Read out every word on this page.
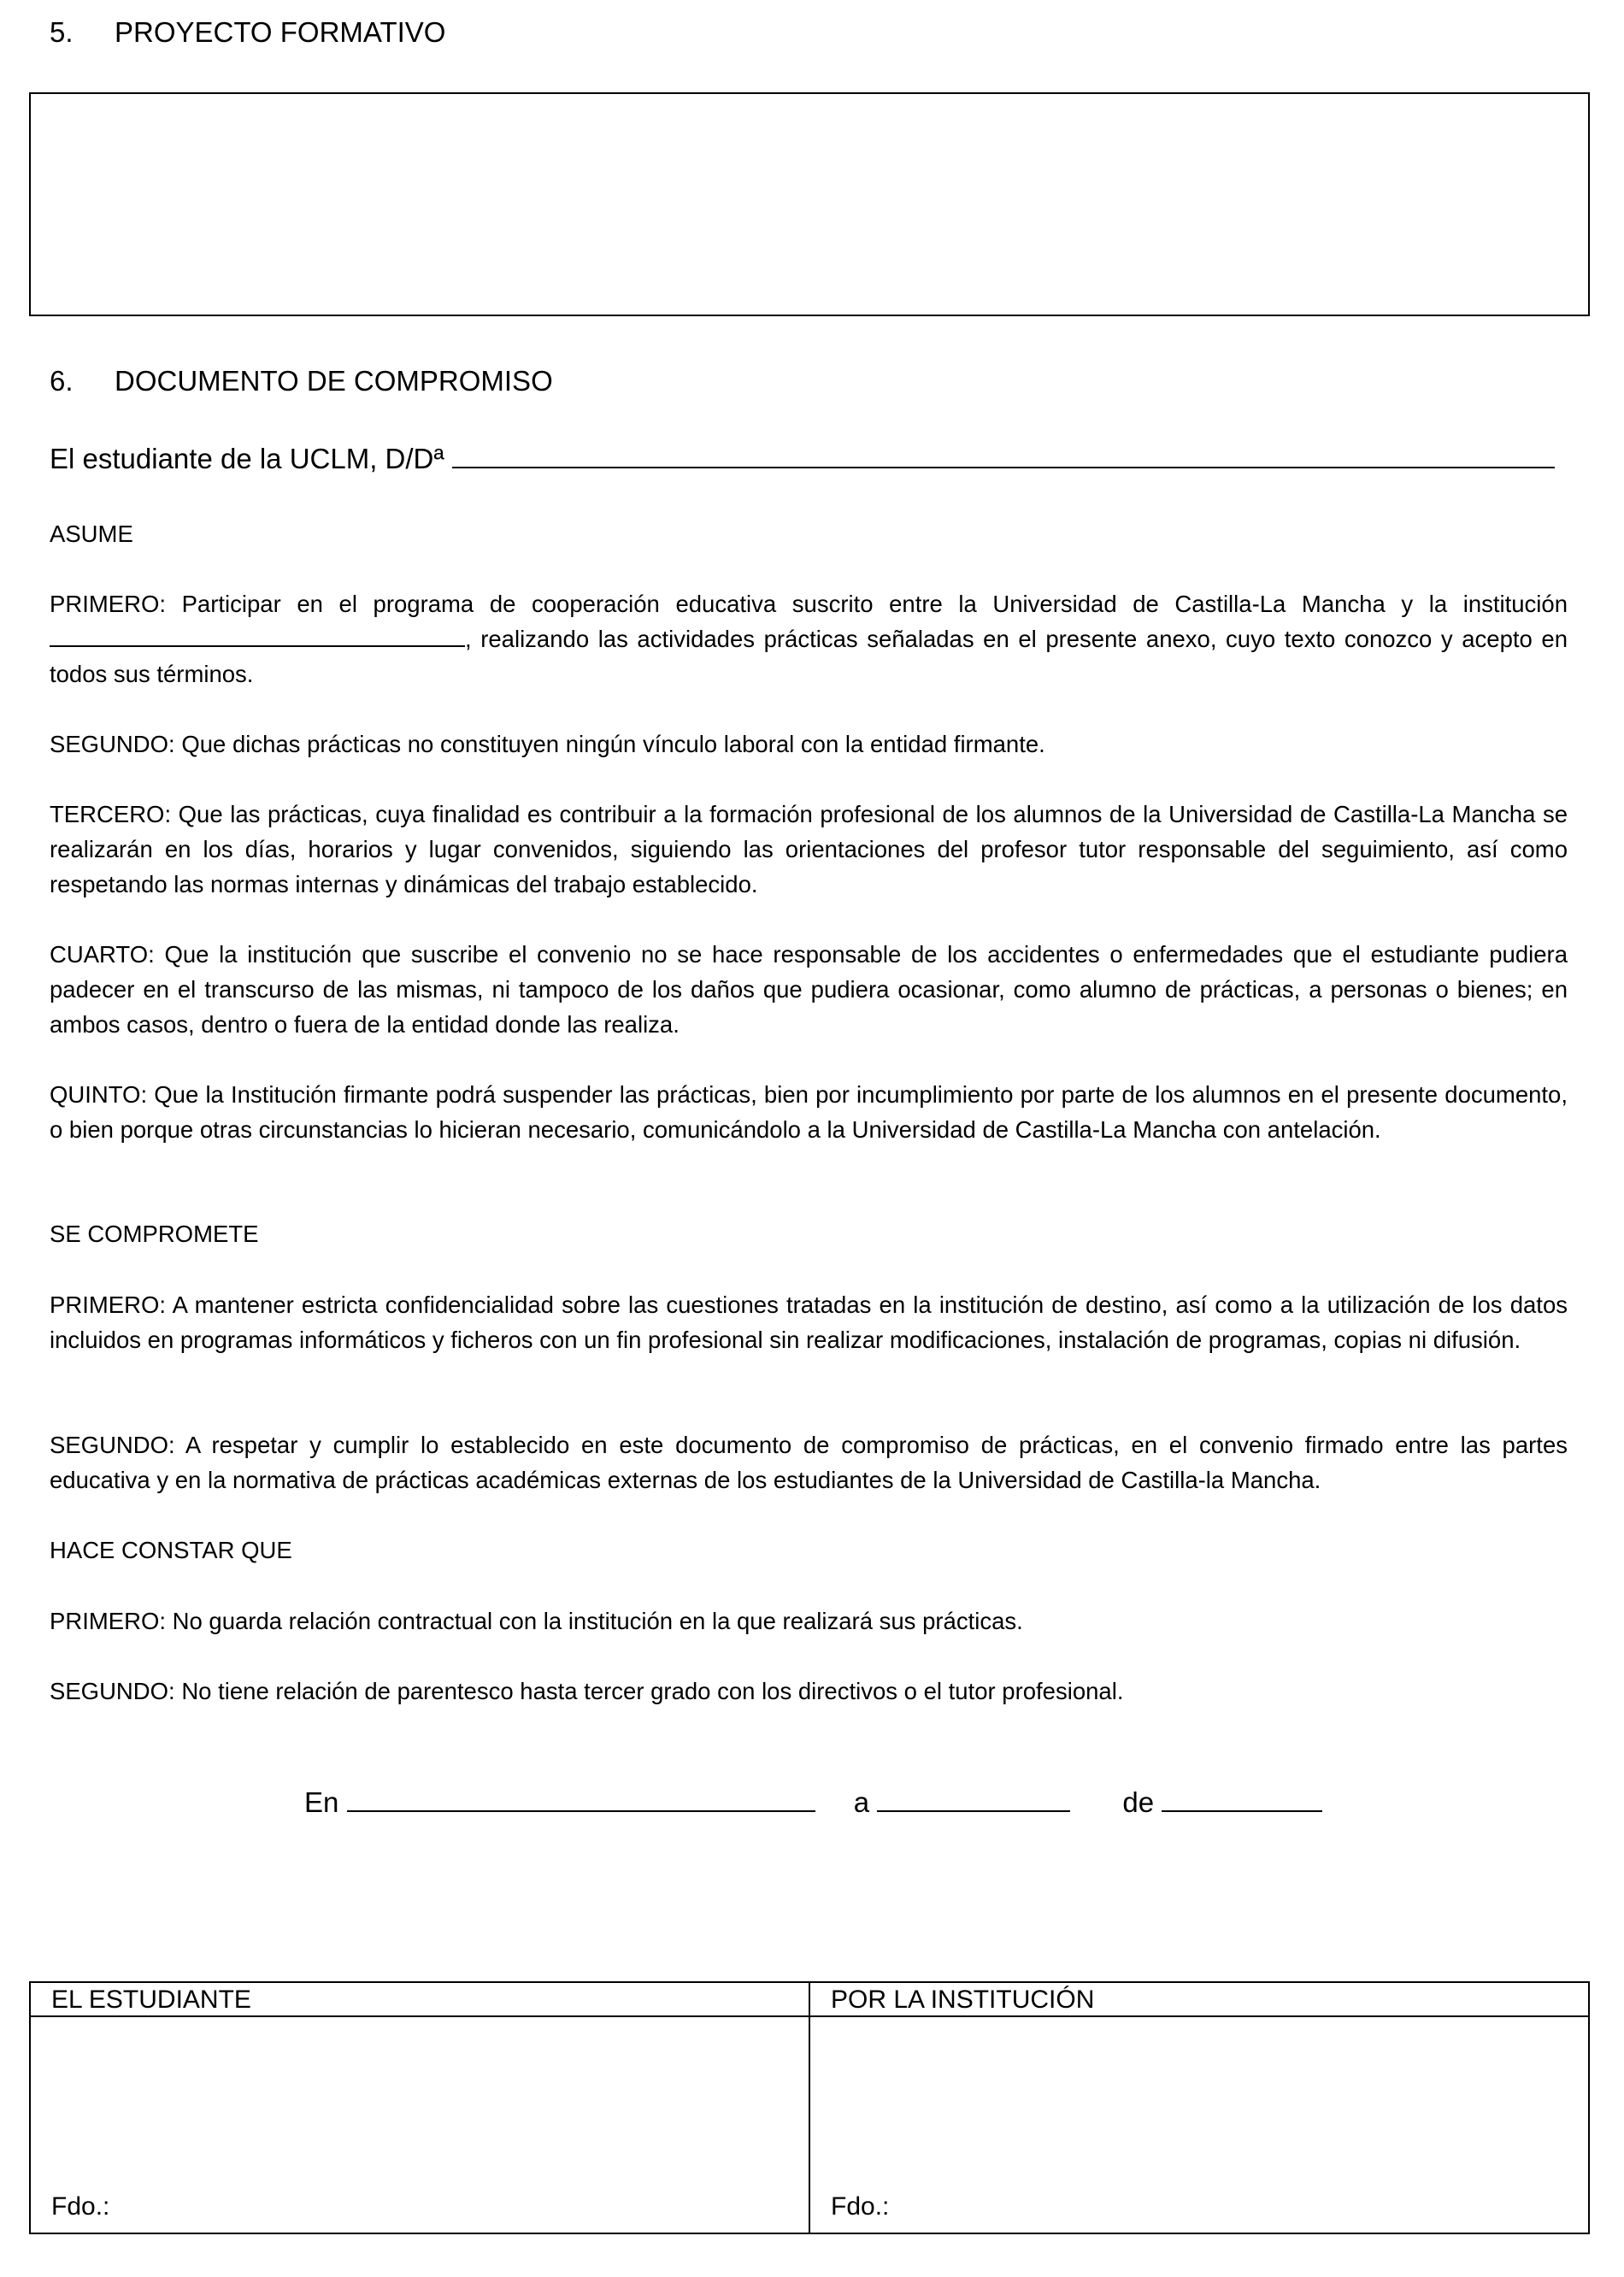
5. PROYECTO FORMATIVO
6. DOCUMENTO DE COMPROMISO
El estudiante de la UCLM, D/Dª
ASUME
PRIMERO: Participar en el programa de cooperación educativa suscrito entre la Universidad de Castilla-La Mancha y la institución , realizando las actividades prácticas señaladas en el presente anexo, cuyo texto conozco y acepto en todos sus términos.
SEGUNDO: Que dichas prácticas no constituyen ningún vínculo laboral con la entidad firmante.
TERCERO: Que las prácticas, cuya finalidad es contribuir a la formación profesional de los alumnos de la Universidad de Castilla-La Mancha se realizarán en los días, horarios y lugar convenidos, siguiendo las orientaciones del profesor tutor responsable del seguimiento, así como respetando las normas internas y dinámicas del trabajo establecido.
CUARTO: Que la institución que suscribe el convenio no se hace responsable de los accidentes o enfermedades que el estudiante pudiera padecer en el transcurso de las mismas, ni tampoco de los daños que pudiera ocasionar, como alumno de prácticas, a personas o bienes; en ambos casos, dentro o fuera de la entidad donde las realiza.
QUINTO: Que la Institución firmante podrá suspender las prácticas, bien por incumplimiento por parte de los alumnos en el presente documento, o bien porque otras circunstancias lo hicieran necesario, comunicándolo a la Universidad de Castilla-La Mancha con antelación.
SE COMPROMETE
PRIMERO: A mantener estricta confidencialidad sobre las cuestiones tratadas en la institución de destino, así como a la utilización de los datos incluidos en programas informáticos y ficheros con un fin profesional sin realizar modificaciones, instalación de programas, copias ni difusión.
SEGUNDO: A respetar y cumplir lo establecido en este documento de compromiso de prácticas, en el convenio firmado entre las partes educativa y en la normativa de prácticas académicas externas de los estudiantes de la Universidad de Castilla-la Mancha.
HACE CONSTAR QUE
PRIMERO: No guarda relación contractual con la institución en la que realizará sus prácticas.
SEGUNDO: No tiene relación de parentesco hasta tercer grado con los directivos o el tutor profesional.
En	a	de
EL ESTUDIANTE
Fdo.:
POR LA INSTITUCIÓN
Fdo.:
